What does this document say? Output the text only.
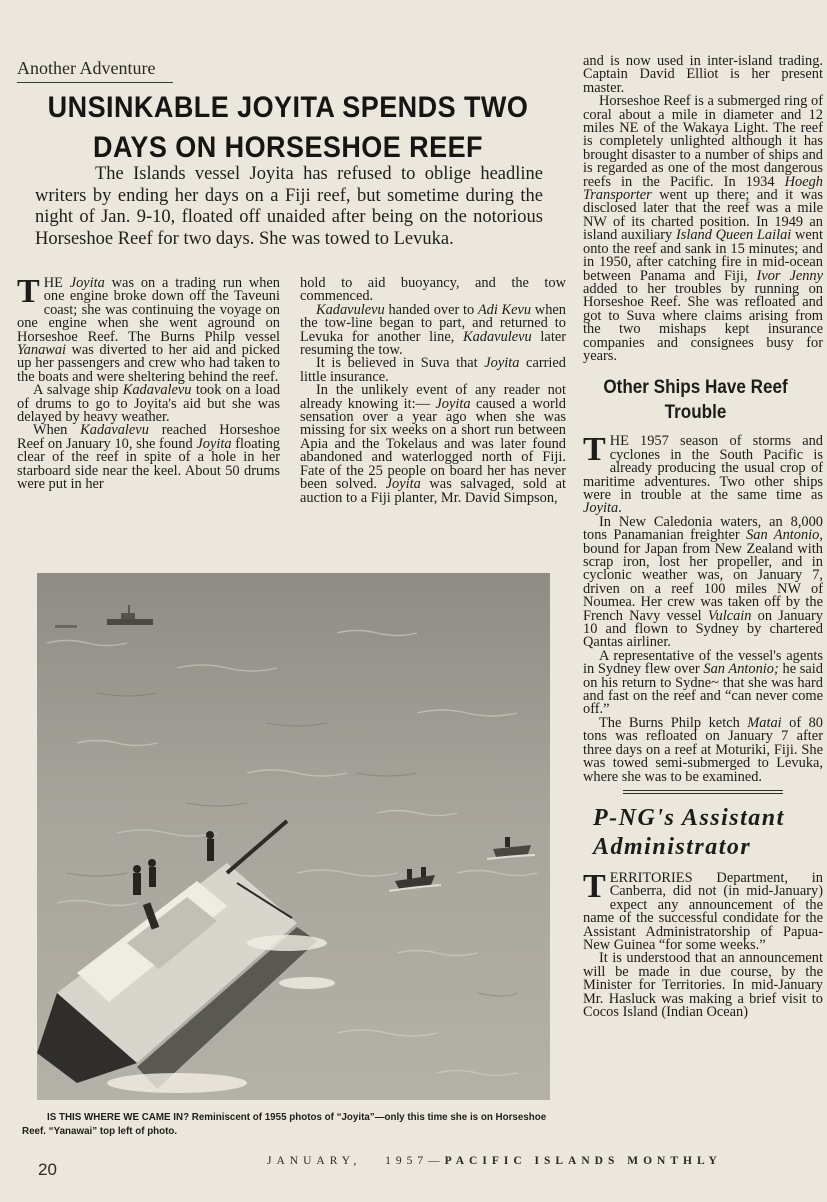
Another Adventure
UNSINKABLE JOYITA SPENDS TWO DAYS ON HORSESHOE REEF

The Islands vessel Joyita has refused to oblige headline writers by ending her days on a Fiji reef, but sometime during the night of Jan. 9-10, floated off unaided after being on the notorious Horseshoe Reef for two days. She was towed to Levuka.

THE Joyita was on a trading run when one engine broke down off the Taveuni coast; she was continuing the voyage on one engine when she went aground on Horseshoe Reef. The Burns Philp vessel Yanawai was diverted to her aid and picked up her passengers and crew who had taken to the boats and were sheltering behind the reef.

A salvage ship Kadavalevu took on a load of drums to go to Joyita's aid but she was delayed by heavy weather.

When Kadavalevu reached Horseshoe Reef on January 10, she found Joyita floating clear of the reef in spite of a hole in her starboard side near the keel. About 50 drums were put in her

hold to aid buoyancy, and the tow commenced.

Kadavulevu handed over to Adi Kevu when the tow-line began to part, and returned to Levuka for another line, Kadavulevu later resuming the tow.

It is believed in Suva that Joyita carried little insurance.

In the unlikely event of any reader not already knowing it:— Joyita caused a world sensation over a year ago when she was missing for six weeks on a short run between Apia and the Tokelaus and was later found abandoned and waterlogged north of Fiji. Fate of the 25 people on board her has never been solved. Joyita was salvaged, sold at auction to a Fiji planter, Mr. David Simpson,

and is now used in inter-island trading. Captain David Elliot is her present master.

Horseshoe Reef is a submerged ring of coral about a mile in diameter and 12 miles NE of the Wakaya Light. The reef is completely unlighted although it has brought disaster to a number of ships and is regarded as one of the most dangerous reefs in the Pacific. In 1934 Hoegh Transporter went up there; and it was disclosed later that the reef was a mile NW of its charted position. In 1949 an island auxiliary Island Queen Lailai went onto the reef and sank in 15 minutes; and in 1950, after catching fire in mid-ocean between Panama and Fiji, Ivor Jenny added to her troubles by running on Horseshoe Reef. She was refloated and got to Suva where claims arising from the two mishaps kept insurance companies and consignees busy for years.

Other Ships Have Reef Trouble

THE 1957 season of storms and cyclones in the South Pacific is already producing the usual crop of maritime adventures. Two other ships were in trouble at the same time as Joyita.

In New Caledonia waters, an 8,000 tons Panamanian freighter San Antonio, bound for Japan from New Zealand with scrap iron, lost her propeller, and in cyclonic weather was, on January 7, driven on a reef 100 miles NW of Noumea. Her crew was taken off by the French Navy vessel Vulcain on January 10 and flown to Sydney by chartered Qantas airliner.

A representative of the vessel's agents in Sydney flew over San Antonio; he said on his return to Sydne~ that she was hard and fast on the reef and “can never come off.”

The Burns Philp ketch Matai of 80 tons was refloated on January 7 after three days on a reef at Moturiki, Fiji. She was towed semi-submerged to Levuka, where she was to be examined.

P-NG's Assistant Administrator

TERRITORIES Department, in Canberra, did not (in mid-January) expect any announcement of the name of the successful condidate for the Assistant Administratorship of Papua-New Guinea “for some weeks.”

It is understood that an announcement will be made in due course, by the Minister for Territories. In mid-January Mr. Hasluck was making a brief visit to Cocos Island (Indian Ocean)

IS THIS WHERE WE CAME IN? Reminiscent of 1955 photos of “Joyita”—only this time she is on Horseshoe Reef. “Yanawai” top left of photo.

20	JANUARY, 1957—PACIFIC ISLANDS MONTHLY
